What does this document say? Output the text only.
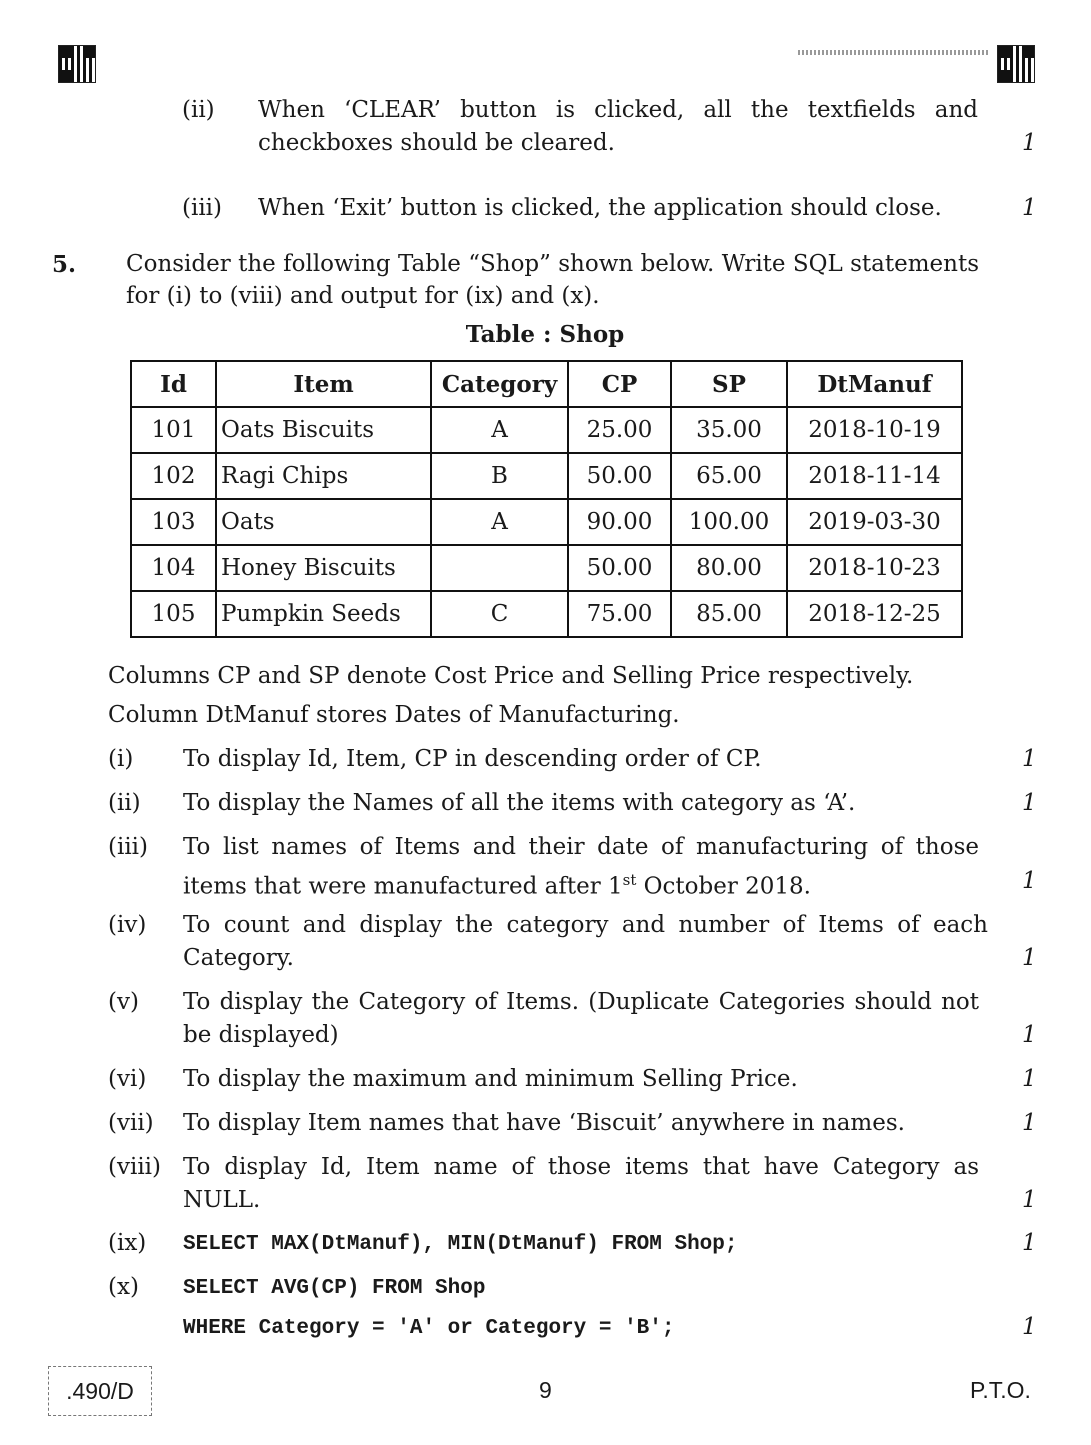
(ii) When ‘CLEAR’ button is clicked, all the textfields and checkboxes should be cleared.	1
(iii) When ‘Exit’ button is clicked, the application should close.	1
5. Consider the following Table “Shop” shown below. Write SQL statements for (i) to (viii) and output for (ix) and (x).
Table : Shop
Id	Item	Category	CP	SP	DtManuf
101	Oats Biscuits	A	25.00	35.00	2018-10-19
102	Ragi Chips	B	50.00	65.00	2018-11-14
103	Oats	A	90.00	100.00	2019-03-30
104	Honey Biscuits		50.00	80.00	2018-10-23
105	Pumpkin Seeds	C	75.00	85.00	2018-12-25
Columns CP and SP denote Cost Price and Selling Price respectively.
Column DtManuf stores Dates of Manufacturing.
(i) To display Id, Item, CP in descending order of CP.	1
(ii) To display the Names of all the items with category as ‘A’.	1
(iii) To list names of Items and their date of manufacturing of those items that were manufactured after 1st October 2018.	1
(iv) To count and display the category and number of Items of each Category.	1
(v) To display the Category of Items. (Duplicate Categories should not be displayed)	1
(vi) To display the maximum and minimum Selling Price.	1
(vii) To display Item names that have ‘Biscuit’ anywhere in names.	1
(viii) To display Id, Item name of those items that have Category as NULL.	1
(ix) SELECT MAX(DtManuf), MIN(DtManuf) FROM Shop;	1
(x) SELECT AVG(CP) FROM Shop
WHERE Category = 'A' or Category = 'B';	1
.490/D	9	P.T.O.
